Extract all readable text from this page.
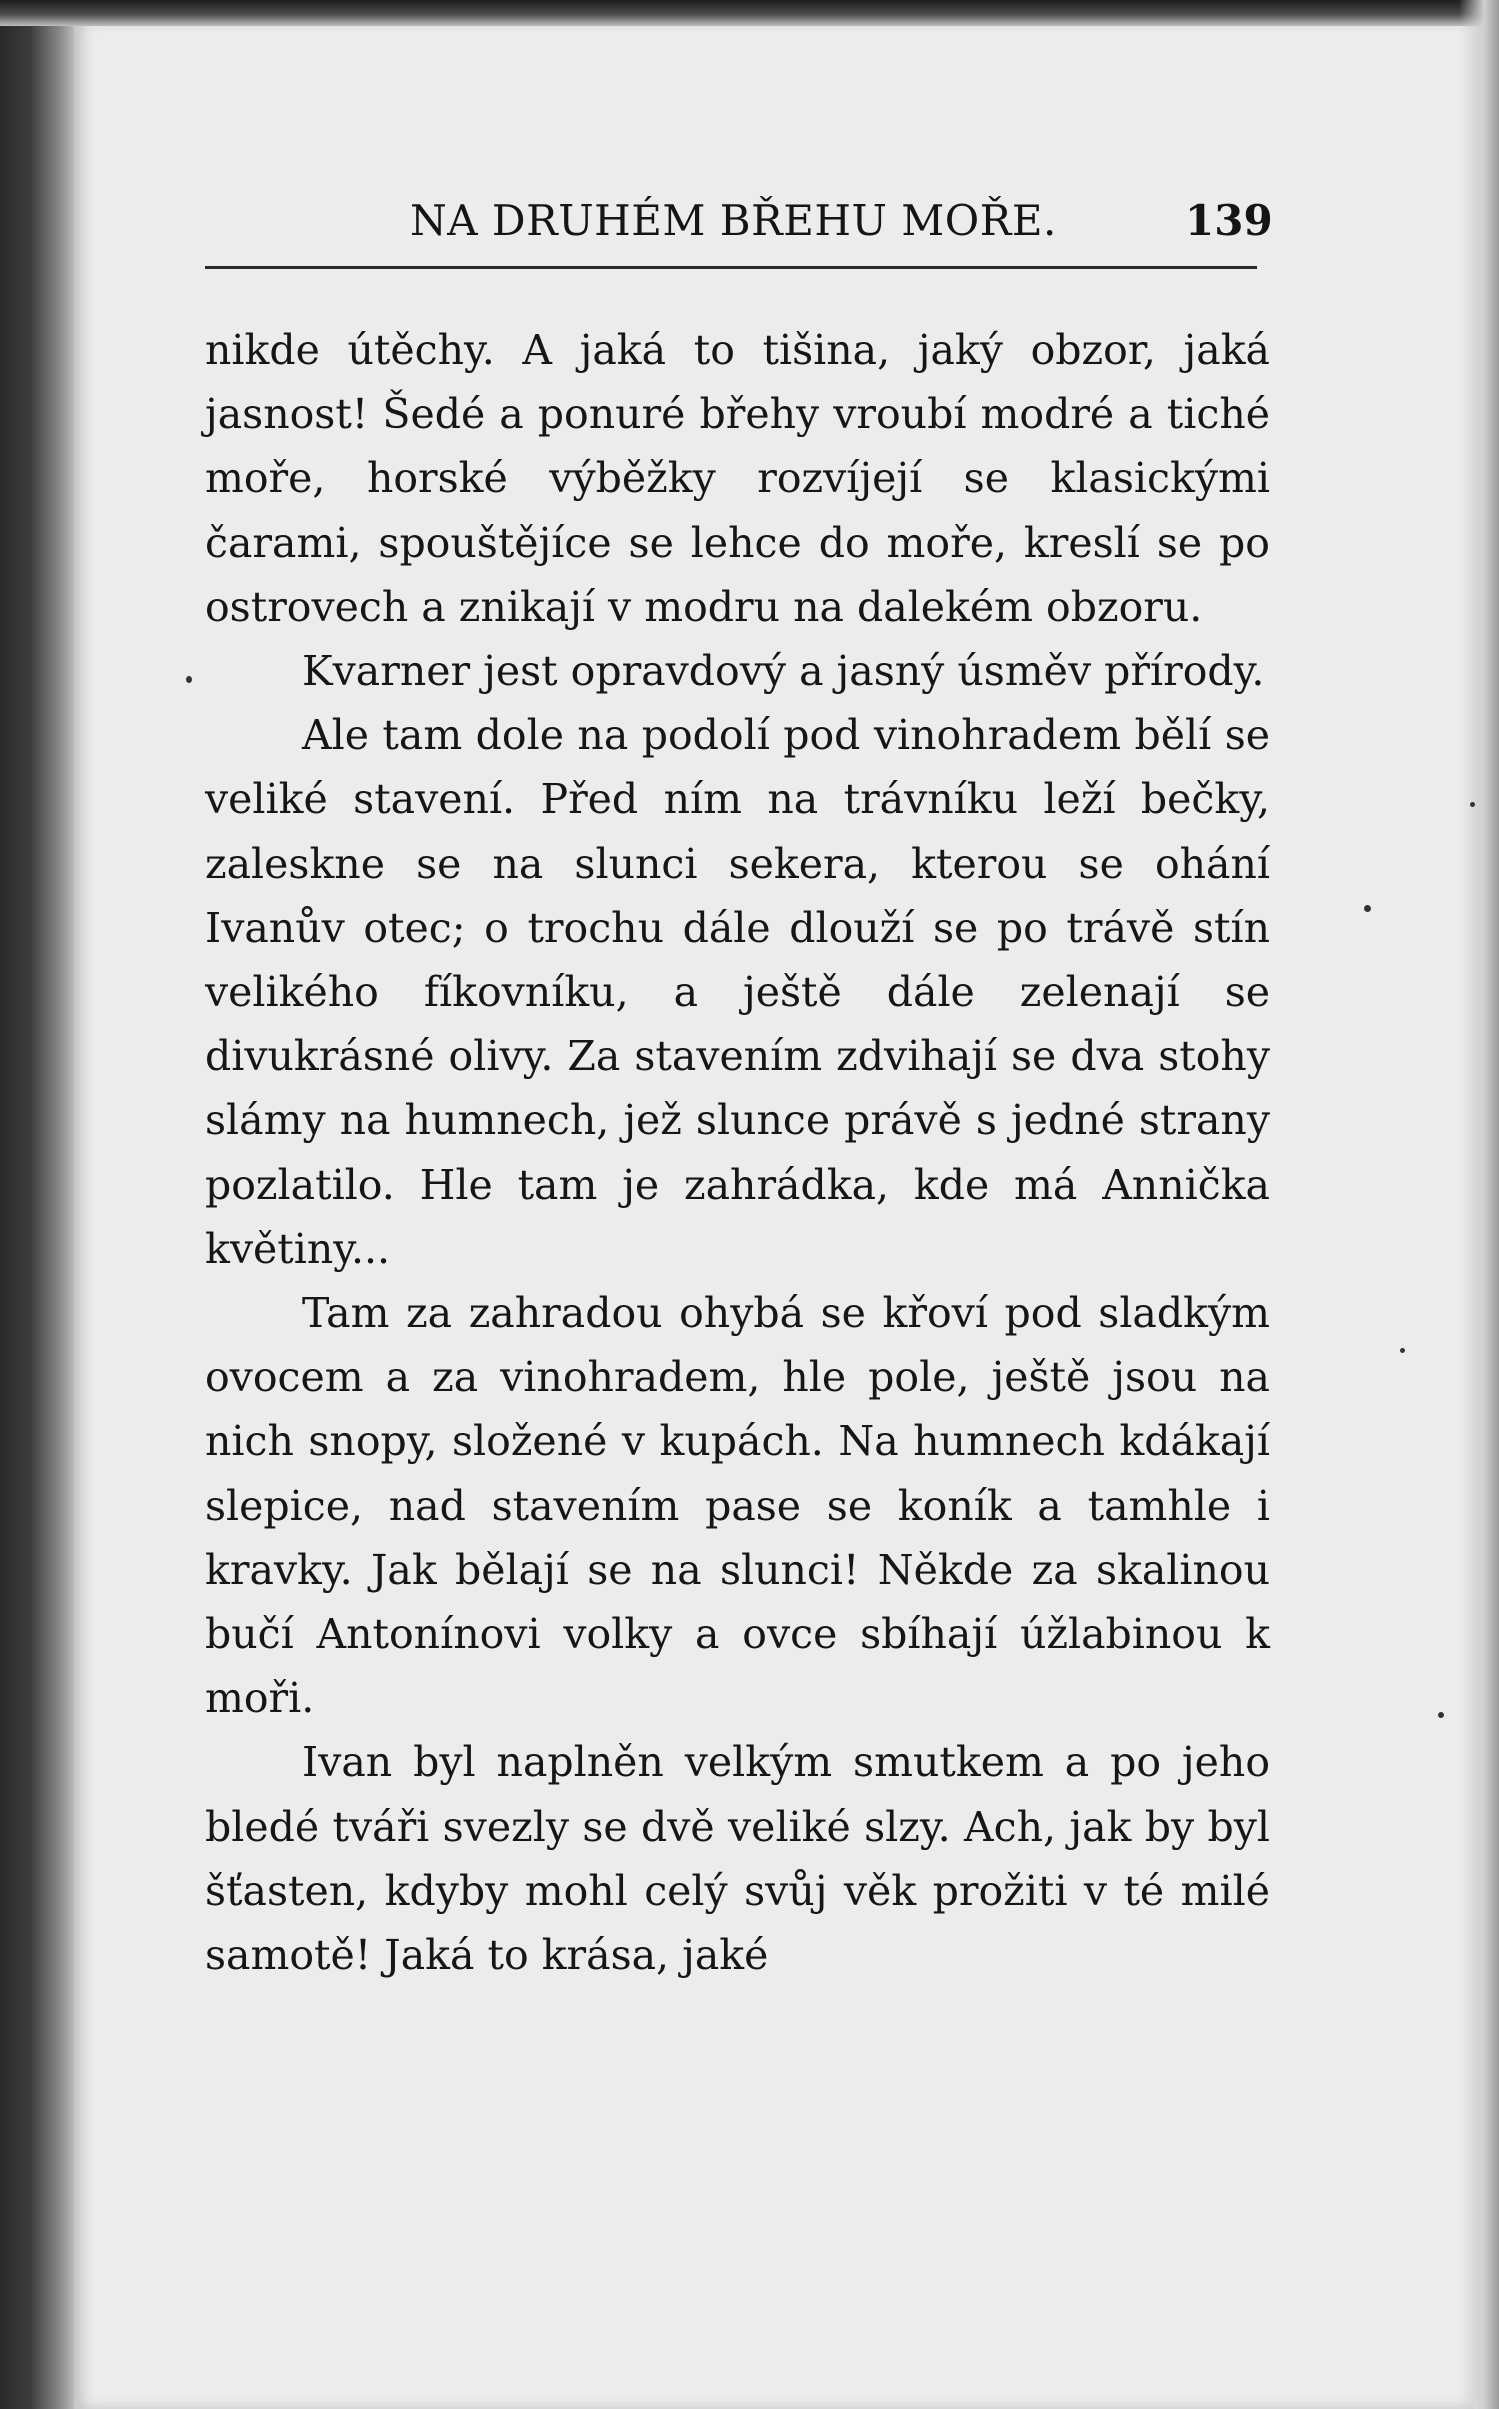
NA DRUHÉM BŘEHU MOŘE.	139

nikde útěchy. A jaká to tišina, jaký obzor, jaká jasnost! Šedé a ponuré břehy vroubí modré a tiché moře, horské výběžky rozvíjejí se klasickými čarami, spouštějíce se lehce do moře, kreslí se po ostrovech a znikají v modru na dalekém obzoru.

Kvarner jest opravdový a jasný úsměv přírody.

Ale tam dole na podolí pod vinohradem bělí se veliké stavení. Před ním na trávníku leží bečky, zaleskne se na slunci sekera, kterou se ohání Ivanův otec; o trochu dále dlouží se po trávě stín velikého fíkovníku, a ještě dále zelenají se divukrásné olivy. Za stavením zdvihají se dva stohy slámy na humnech, jež slunce právě s jedné strany pozlatilo. Hle tam je zahrádka, kde má Annička květiny...

Tam za zahradou ohybá se křoví pod sladkým ovocem a za vinohradem, hle pole, ještě jsou na nich snopy, složené v kupách. Na humnech kdákají slepice, nad stavením pase se koník a tamhle i kravky. Jak bělají se na slunci! Někde za skalinou bučí Antonínovi volky a ovce sbíhají úžlabinou k moři.

Ivan byl naplněn velkým smutkem a po jeho bledé tváři svezly se dvě veliké slzy. Ach, jak by byl šťasten, kdyby mohl celý svůj věk prožiti v té milé samotě! Jaká to krása, jaké
